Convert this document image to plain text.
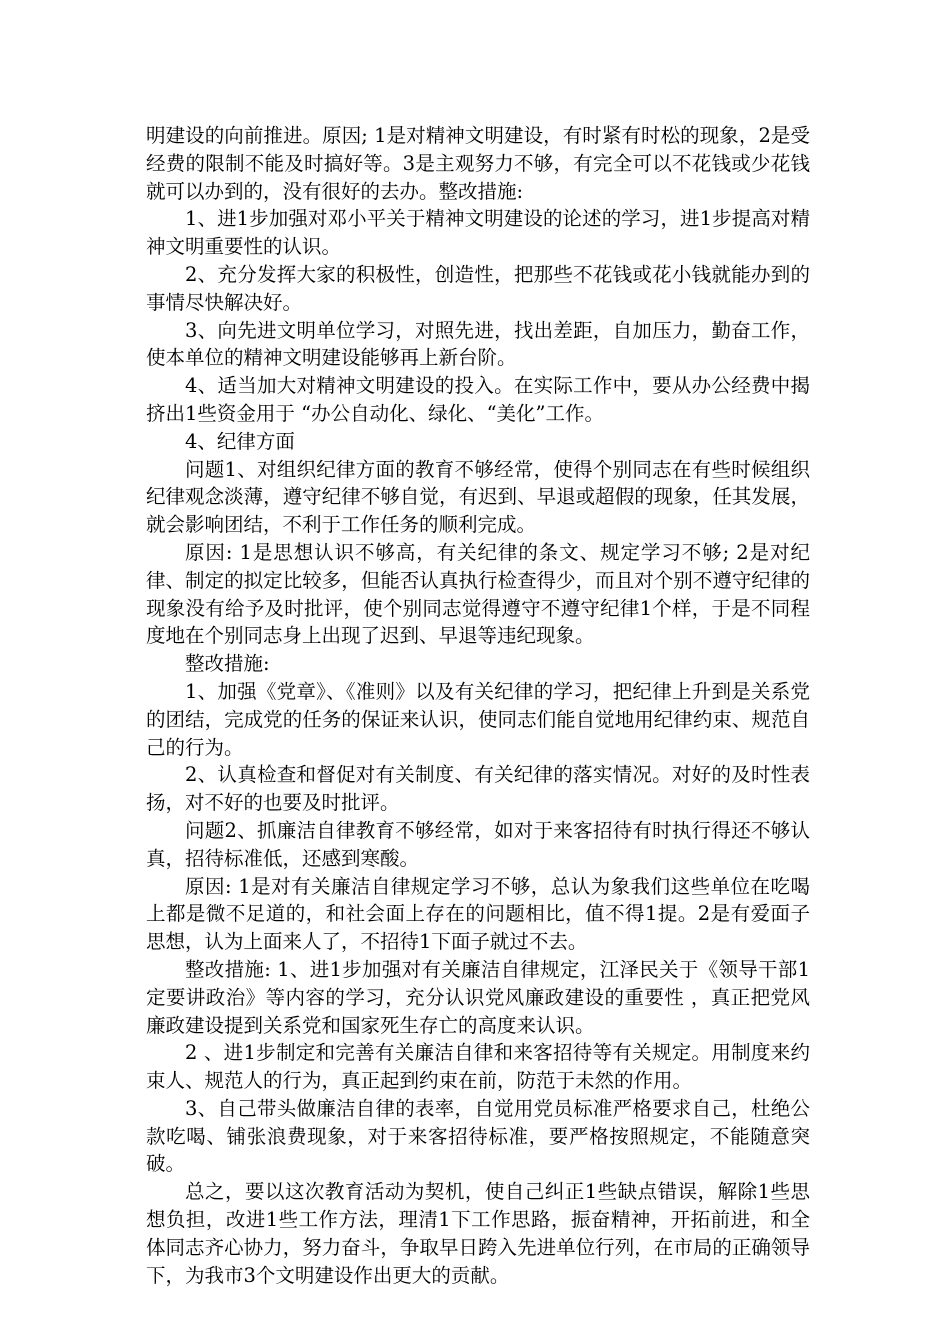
明建设的向前推进。原因; 1是对精神文明建设，有时紧有时松的现象，2是受经费的限制不能及时搞好等。3是主观努力不够，有完全可以不花钱或少花钱就可以办到的，没有很好的去办。整改措施:

1、进1步加强对邓小平关于精神文明建设的论述的学习，进1步提高对精神文明重要性的认识。

2、充分发挥大家的积极性，创造性，把那些不花钱或花小钱就能办到的事情尽快解决好。

3、向先进文明单位学习，对照先进，找出差距，自加压力，勤奋工作，使本单位的精神文明建设能够再上新台阶。

4、适当加大对精神文明建设的投入。在实际工作中，要从办公经费中揭挤出1些资金用于 “办公自动化、绿化、“美化”工作。

4、纪律方面

问题1、对组织纪律方面的教育不够经常，使得个别同志在有些时候组织纪律观念淡薄，遵守纪律不够自觉，有迟到、早退或超假的现象，任其发展，就会影响团结，不利于工作任务的顺利完成。

原因: 1是思想认识不够高，有关纪律的条文、规定学习不够; 2是对纪律、制定的拟定比较多，但能否认真执行检查得少，而且对个别不遵守纪律的现象没有给予及时批评，使个别同志觉得遵守不遵守纪律1个样，于是不同程度地在个别同志身上出现了迟到、早退等违纪现象。

整改措施:

1、加强《党章》、《准则》以及有关纪律的学习，把纪律上升到是关系党的团结，完成党的任务的保证来认识，使同志们能自觉地用纪律约束、规范自己的行为。

2、认真检查和督促对有关制度、有关纪律的落实情况。对好的及时性表扬，对不好的也要及时批评。

问题2、抓廉洁自律教育不够经常，如对于来客招待有时执行得还不够认真，招待标准低，还感到寒酸。

原因: 1是对有关廉洁自律规定学习不够，总认为象我们这些单位在吃喝上都是微不足道的，和社会面上存在的问题相比，值不得1提。2是有爱面子思想，认为上面来人了，不招待1下面子就过不去。

整改措施: 1、进1步加强对有关廉洁自律规定，江泽民关于《领导干部1定要讲政治》等内容的学习，充分认识党风廉政建设的重要性 ，真正把党风廉政建设提到关系党和国家死生存亡的高度来认识。

2 、进1步制定和完善有关廉洁自律和来客招待等有关规定。用制度来约束人、规范人的行为，真正起到约束在前，防范于未然的作用。

3、自己带头做廉洁自律的表率，自觉用党员标准严格要求自己，杜绝公款吃喝、铺张浪费现象，对于来客招待标准，要严格按照规定，不能随意突破。

总之，要以这次教育活动为契机，使自己纠正1些缺点错误，解除1些思想负担，改进1些工作方法，理清1下工作思路，振奋精神，开拓前进，和全体同志齐心协力，努力奋斗，争取早日跨入先进单位行列，在市局的正确领导下，为我市3个文明建设作出更大的贡献。
